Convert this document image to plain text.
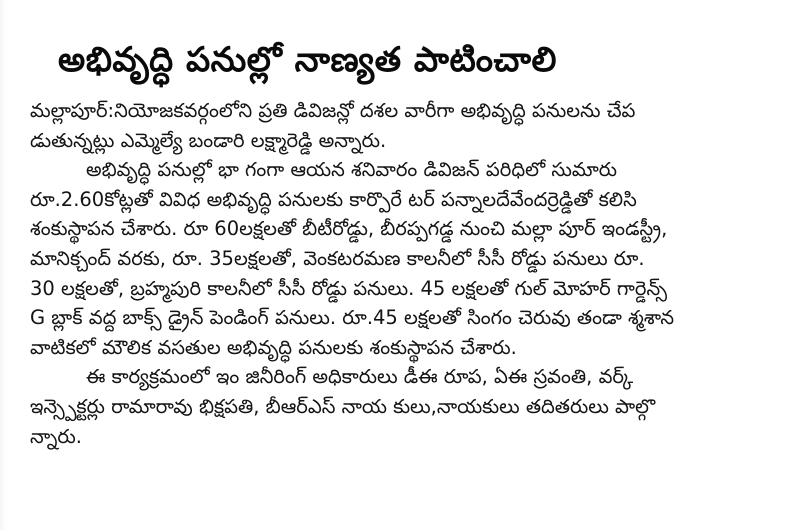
అభివృద్ధి పనుల్లో నాణ్యత పాటించాలి
మల్లాపూర్:నియోజకవర్గంలోని ప్రతి డివిజన్లో దశల వారీగా అభివృద్ధి పనులను చేప
డుతున్నట్లు ఎమ్మెల్యే బండారి లక్ష్మారెడ్డి అన్నారు.
అభివృద్ధి పనుల్లో భా గంగా ఆయన శనివారం డివిజన్ పరిధిలో సుమారు
రూ.2.60కోట్లతో వివిధ అభివృద్ధి పనులకు కార్పొరే టర్ పన్నాలదేవేందర్రెడ్డితో కలిసి
శంకుస్థాపన చేశారు. రూ 60లక్షలతో బీటీరోడ్డు, బీరప్పగడ్డ నుంచి మల్లా పూర్ ఇండస్ట్రీ,
మానిక్చంద్ వరకు, రూ. 35లక్షలతో, వెంకటరమణ కాలనీలో సీసీ రోడ్డు పనులు రూ.
30 లక్షలతో, బ్రహ్మపురి కాలనీలో సీసీ రోడ్డు పనులు. 45 లక్షలతో గుల్ మోహర్ గార్డెన్స్
G బ్లాక్ వద్ద బాక్స్ డ్రైన్ పెండింగ్ పనులు. రూ.45 లక్షలతో సింగం చెరువు తండా శ్మశాన
వాటికలో మౌలిక వసతుల అభివృద్ధి పనులకు శంకుస్థాపన చేశారు.
ఈ కార్యక్రమంలో ఇం జినీరింగ్ అధికారులు డీఈ రూప, ఏఈ స్రవంతి, వర్క్
ఇన్స్పెక్టర్లు రామారావు భిక్షపతి, బీఆర్ఎస్ నాయ కులు,నాయకులు తదితరులు పాల్గొ
న్నారు.
